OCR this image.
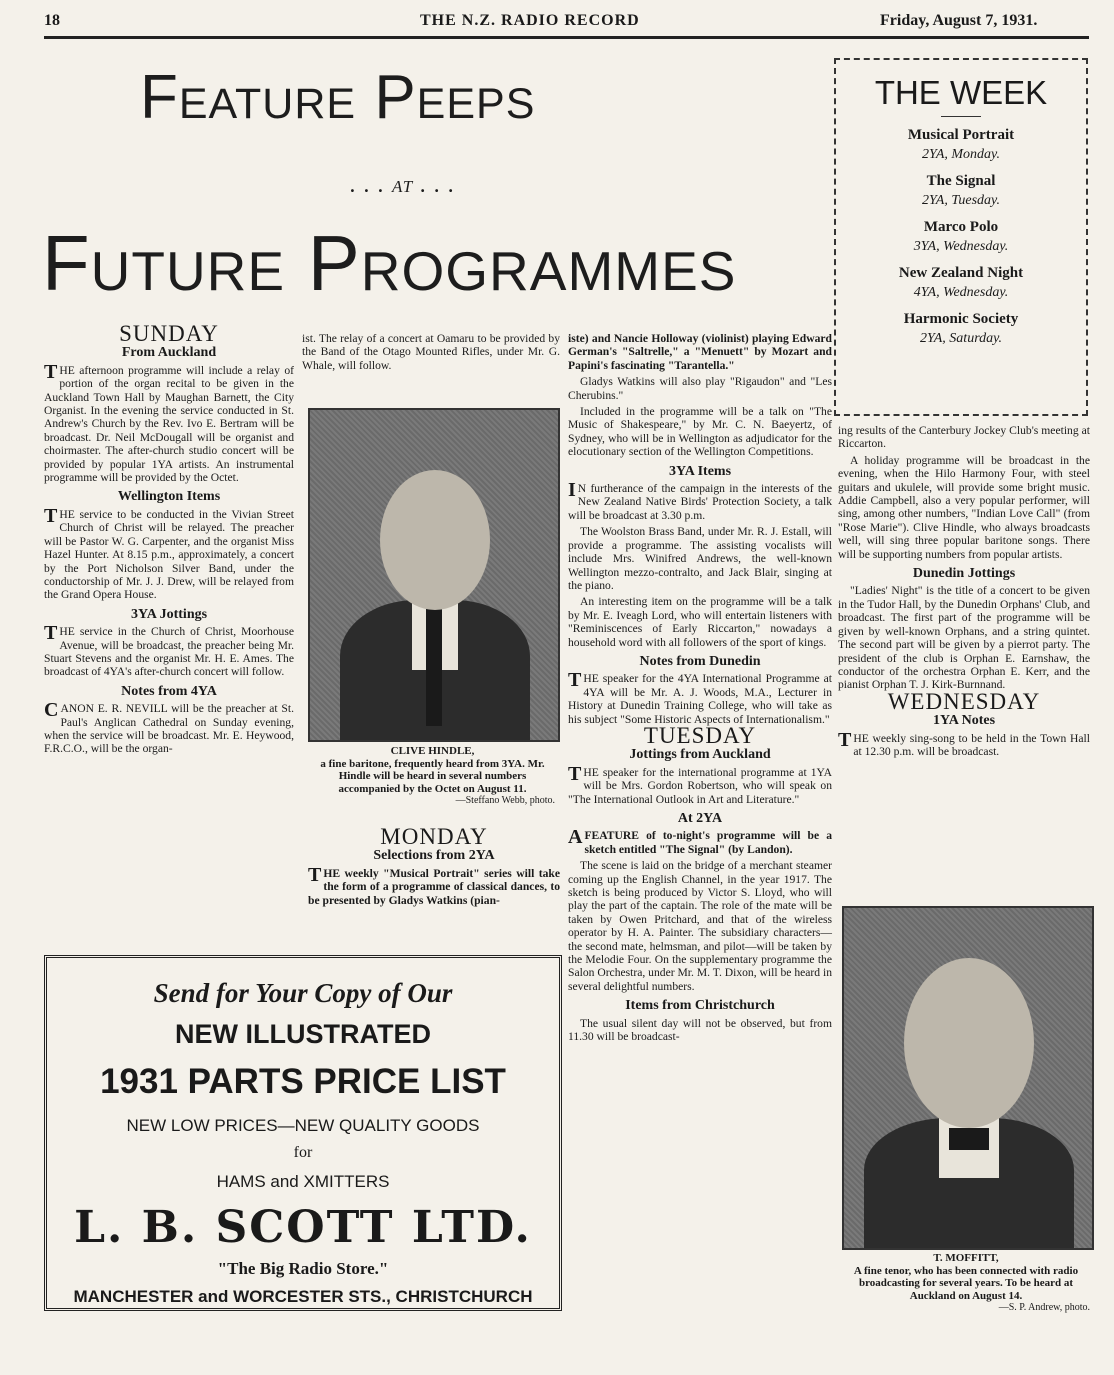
18	THE N.Z. RADIO RECORD	Friday, August 7, 1931.
Feature Peeps
. . . at . . .
Future Programmes
THE WEEK
Musical Portrait
2YA, Monday.
The Signal
2YA, Tuesday.
Marco Polo
3YA, Wednesday.
New Zealand Night
4YA, Wednesday.
Harmonic Society
2YA, Saturday.
SUNDAY
From Auckland

THE afternoon programme will include a relay of portion of the organ recital to be given in the Auckland Town Hall by Maughan Barnett, the City Organist. In the evening the service conducted in St. Andrew's Church by the Rev. Ivo E. Bertram will be broadcast. Dr. Neil McDougall will be organist and choirmaster. The after-church studio concert will be provided by popular 1YA artists. An instrumental programme will be provided by the Octet.

Wellington Items

THE service to be conducted in the Vivian Street Church of Christ will be relayed. The preacher will be Pastor W. G. Carpenter, and the organist Miss Hazel Hunter. At 8.15 p.m., approximately, a concert by the Port Nicholson Silver Band, under the conductorship of Mr. J. J. Drew, will be relayed from the Grand Opera House.

3YA Jottings

THE service in the Church of Christ, Moorhouse Avenue, will be broadcast, the preacher being Mr. Stuart Stevens and the organist Mr. H. E. Ames. The broadcast of 4YA's after-church concert will follow.

Notes from 4YA

CANON E. R. NEVILL will be the preacher at St. Paul's Anglican Cathedral on Sunday evening, when the service will be broadcast. Mr. E. Heywood, F.R.C.O., will be the organ-

ist. The relay of a concert at Oamaru to be provided by the Band of the Otago Mounted Rifles, under Mr. G. Whale, will follow.

CLIVE HINDLE,
a fine baritone, frequently heard from 3YA. Mr. Hindle will be heard in several numbers accompanied by the Octet on August 11.
—Steffano Webb, photo.
MONDAY
Selections from 2YA

THE weekly "Musical Portrait" series will take the form of a programme of classical dances, to be presented by Gladys Watkins (pian-

iste) and Nancie Holloway (violinist) playing Edward German's "Saltrelle," a "Menuett" by Mozart and Papini's fascinating "Tarantella."

Gladys Watkins will also play "Rigaudon" and "Les Cherubins."

Included in the programme will be a talk on "The Music of Shakespeare," by Mr. C. N. Baeyertz, of Sydney, who will be in Wellington as adjudicator for the elocutionary section of the Wellington Competitions.

3YA Items

IN furtherance of the campaign in the interests of the New Zealand Native Birds' Protection Society, a talk will be broadcast at 3.30 p.m.

The Woolston Brass Band, under Mr. R. J. Estall, will provide a programme. The assisting vocalists will include Mrs. Winifred Andrews, the well-known Wellington mezzo-contralto, and Jack Blair, singing at the piano.

An interesting item on the programme will be a talk by Mr. E. Iveagh Lord, who will entertain listeners with "Reminiscences of Early Riccarton," nowadays a household word with all followers of the sport of kings.

Notes from Dunedin

THE speaker for the 4YA International Programme at 4YA will be Mr. A. J. Woods, M.A., Lecturer in History at Dunedin Training College, who will take as his subject "Some Historic Aspects of Internationalism."

TUESDAY
Jottings from Auckland

THE speaker for the international programme at 1YA will be Mrs. Gordon Robertson, who will speak on "The International Outlook in Art and Literature."

At 2YA

AFEATURE of to-night's programme will be a sketch entitled "The Signal" (by Landon).

The scene is laid on the bridge of a merchant steamer coming up the English Channel, in the year 1917. The sketch is being produced by Victor S. Lloyd, who will play the part of the captain. The role of the mate will be taken by Owen Pritchard, and that of the wireless operator by H. A. Painter. The subsidiary characters—the second mate, helmsman, and pilot—will be taken by the Melodie Four. On the supplementary programme the Salon Orchestra, under Mr. M. T. Dixon, will be heard in several delightful numbers.

Items from Christchurch

The usual silent day will not be observed, but from 11.30 will be broadcast-

ing results of the Canterbury Jockey Club's meeting at Riccarton.

A holiday programme will be broadcast in the evening, when the Hilo Harmony Four, with steel guitars and ukulele, will provide some bright music. Addie Campbell, also a very popular performer, will sing, among other numbers, "Indian Love Call" (from "Rose Marie"). Clive Hindle, who always broadcasts well, will sing three popular baritone songs. There will be supporting numbers from popular artists.

Dunedin Jottings

"Ladies' Night" is the title of a concert to be given in the Tudor Hall, by the Dunedin Orphans' Club, and broadcast. The first part of the programme will be given by well-known Orphans, and a string quintet. The second part will be given by a pierrot party. The president of the club is Orphan E. Earnshaw, the conductor of the orchestra Orphan E. Kerr, and the pianist Orphan T. J. Kirk-Burnnand.

WEDNESDAY
1YA Notes

THE weekly sing-song to be held in the Town Hall at 12.30 p.m. will be broadcast.

T. MOFFITT,
A fine tenor, who has been connected with radio broadcasting for several years. To be heard at Auckland on August 14.
—S. P. Andrew, photo.
Send for Your Copy of Our
NEW ILLUSTRATED
1931 PARTS PRICE LIST
NEW LOW PRICES—NEW QUALITY GOODS
for
HAMS and XMITTERS
L. B. SCOTT LTD.
"The Big Radio Store."
MANCHESTER and WORCESTER STS., CHRISTCHURCH
